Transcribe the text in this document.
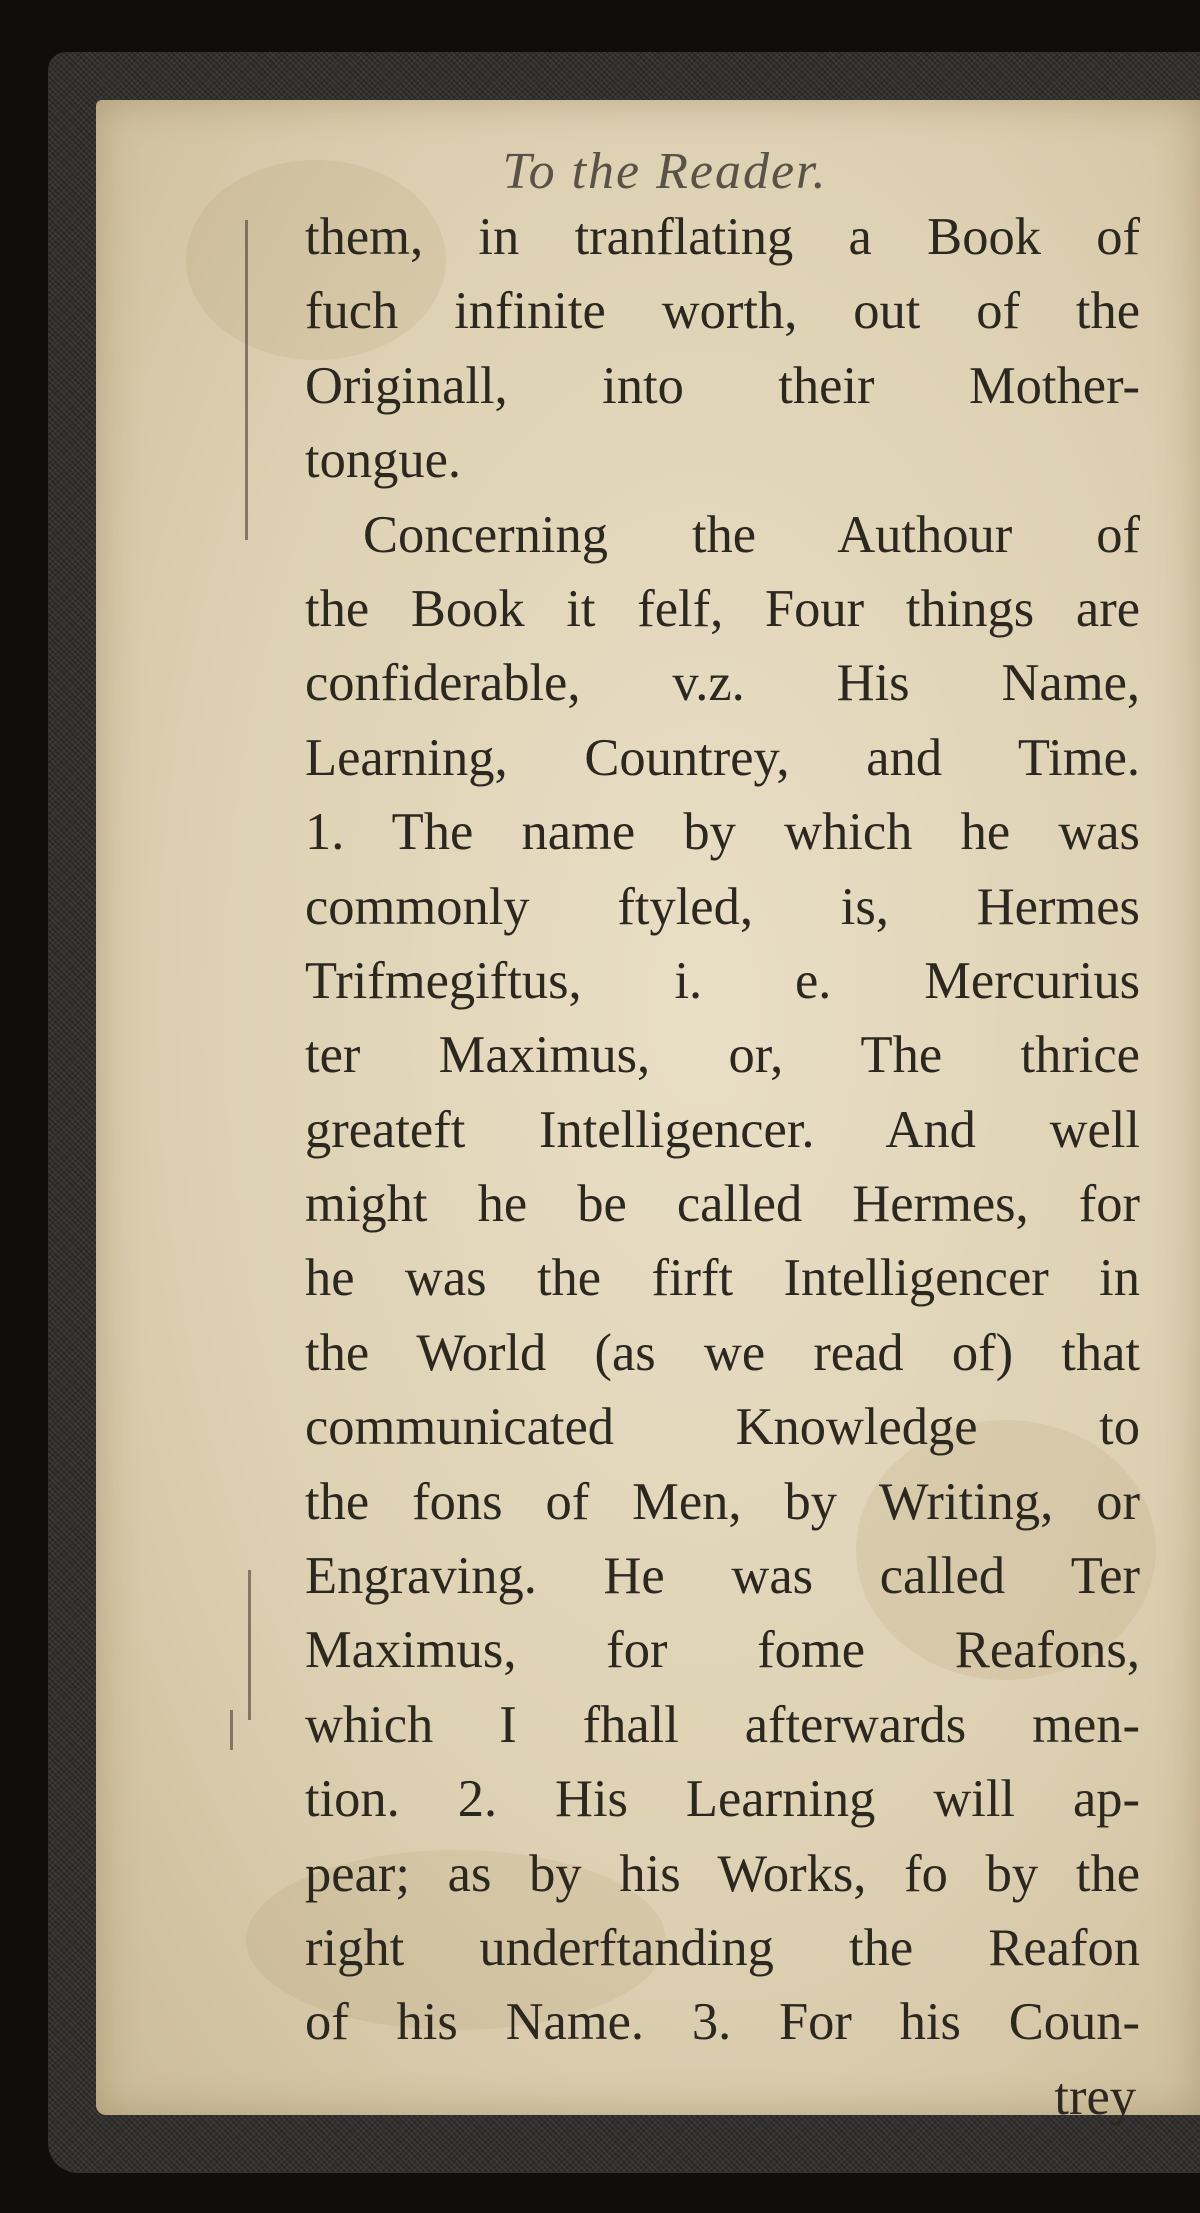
To the Reader.
them, in tranflating a Book of
fuch infinite worth, out of the
Originall, into their Mother-
tongue.
Concerning the Authour of
the Book it felf, Four things are
confiderable, v.z. His Name,
Learning, Countrey, and Time.
1. The name by which he was
commonly ftyled, is, Hermes
Trifmegiftus, i. e. Mercurius
ter Maximus, or, The thrice
greateft Intelligencer. And well
might he be called Hermes, for
he was the firft Intelligencer in
the World (as we read of) that
communicated Knowledge to
the fons of Men, by Writing, or
Engraving. He was called Ter
Maximus, for fome Reafons,
which I fhall afterwards men-
tion. 2. His Learning will ap-
pear; as by his Works, fo by the
right underftanding the Reafon
of his Name. 3. For his Coun-
trey
